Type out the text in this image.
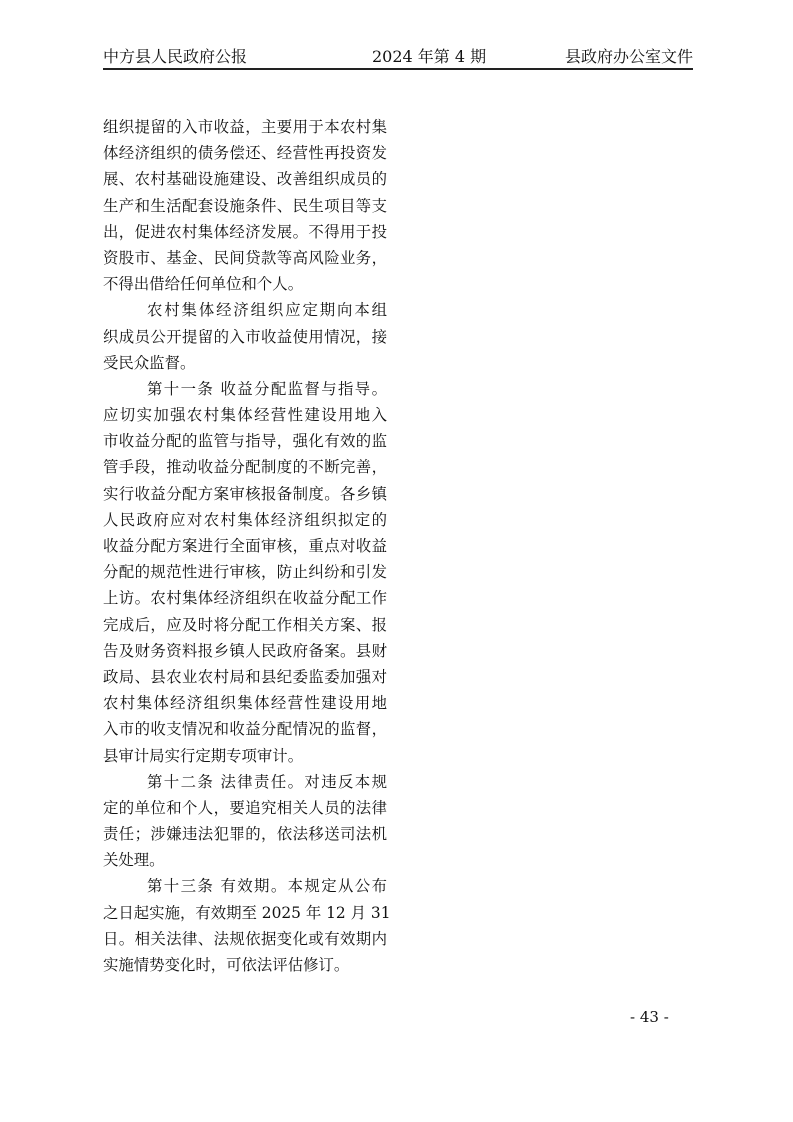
中方县人民政府公报	2024 年第 4 期	县政府办公室文件
组织提留的入市收益，主要用于本农村集
体经济组织的债务偿还、经营性再投资发
展、农村基础设施建设、改善组织成员的
生产和生活配套设施条件、民生项目等支
出，促进农村集体经济发展。不得用于投
资股市、基金、民间贷款等高风险业务，
不得出借给任何单位和个人。
农村集体经济组织应定期向本组
织成员公开提留的入市收益使用情况，接
受民众监督。
第十一条 收益分配监督与指导。
应切实加强农村集体经营性建设用地入
市收益分配的监管与指导，强化有效的监
管手段，推动收益分配制度的不断完善，
实行收益分配方案审核报备制度。各乡镇
人民政府应对农村集体经济组织拟定的
收益分配方案进行全面审核，重点对收益
分配的规范性进行审核，防止纠纷和引发
上访。农村集体经济组织在收益分配工作
完成后，应及时将分配工作相关方案、报
告及财务资料报乡镇人民政府备案。县财
政局、县农业农村局和县纪委监委加强对
农村集体经济组织集体经营性建设用地
入市的收支情况和收益分配情况的监督，
县审计局实行定期专项审计。
第十二条 法律责任。对违反本规
定的单位和个人，要追究相关人员的法律
责任；涉嫌违法犯罪的，依法移送司法机
关处理。
第十三条 有效期。本规定从公布
之日起实施，有效期至 2025 年 12 月 31
日。相关法律、法规依据变化或有效期内
实施情势变化时，可依法评估修订。
- 43 -
